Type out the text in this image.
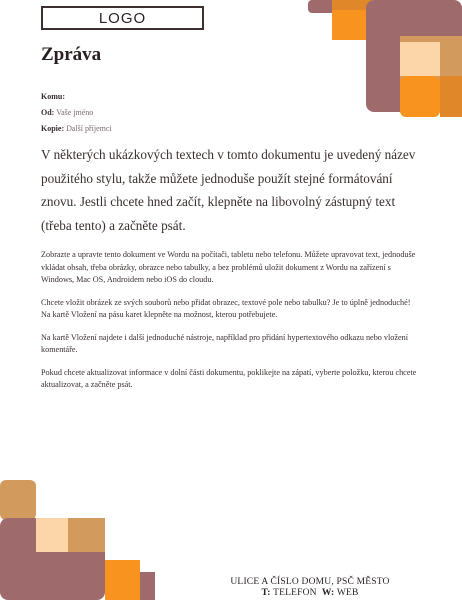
LOGO
Zpráva
Komu:
Od: Vaše jméno
Kopie: Další příjemci

V některých ukázkových textech v tomto dokumentu je uvedený název použitého stylu, takže můžete jednoduše použít stejné formátování znovu. Jestli chcete hned začít, klepněte na libovolný zástupný text (třeba tento) a začněte psát.

Zobrazte a upravte tento dokument ve Wordu na počítači, tabletu nebo telefonu. Můžete upravovat text, jednoduše vkládat obsah, třeba obrázky, obrazce nebo tabulky, a bez problémů uložit dokument z Wordu na zařízení s Windows, Mac OS, Androidem nebo iOS do cloudu.

Chcete vložit obrázek ze svých souborů nebo přidat obrazec, textové pole nebo tabulku? Je to úplně jednoduché! Na kartě Vložení na pásu karet klepněte na možnost, kterou potřebujete.

Na kartě Vložení najdete i další jednoduché nástroje, například pro přidání hypertextového odkazu nebo vložení komentáře.

Pokud chcete aktualizovat informace v dolní části dokumentu, poklikejte na zápatí, vyberte položku, kterou chcete aktualizovat, a začněte psát.

ULICE A ČÍSLO DOMU, PSČ MĚSTO
T: TELEFON W: WEB
